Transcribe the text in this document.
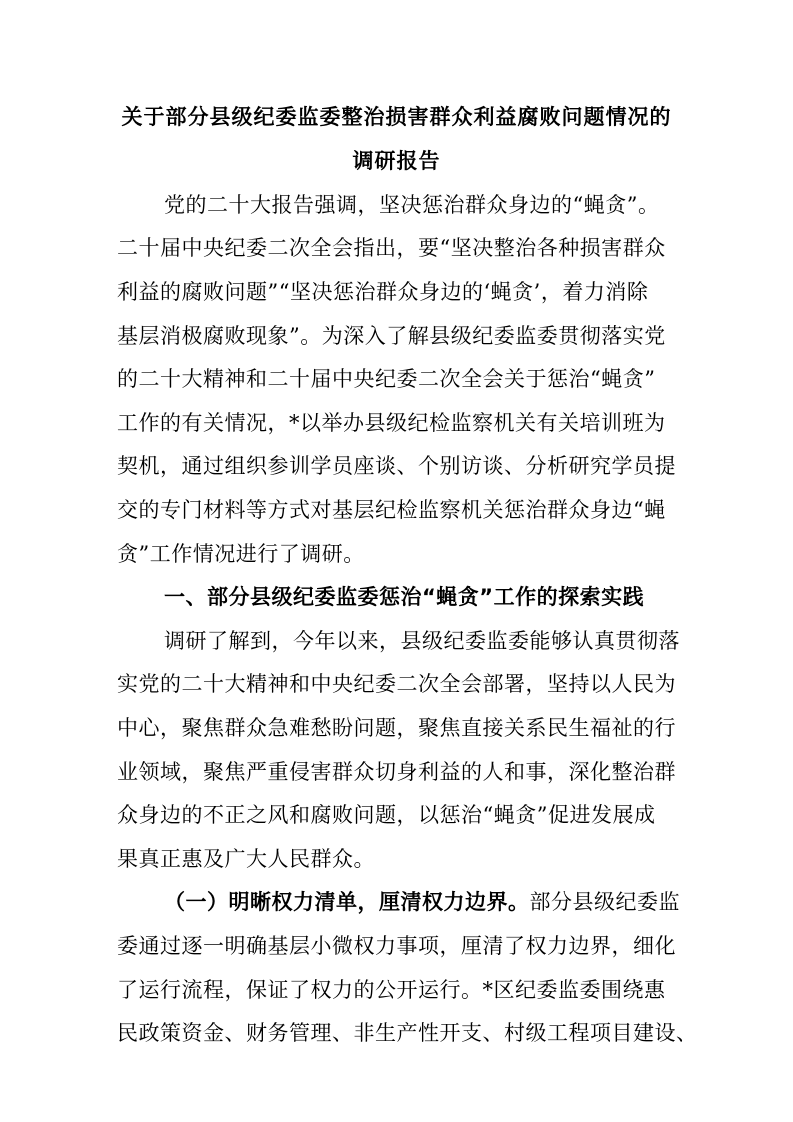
关于部分县级纪委监委整治损害群众利益腐败问题情况的
调研报告
党的二十大报告强调，坚决惩治群众身边的“蝇贪”。
二十届中央纪委二次全会指出，要“坚决整治各种损害群众
利益的腐败问题”“坚决惩治群众身边的‘蝇贪’，着力消除
基层消极腐败现象”。为深入了解县级纪委监委贯彻落实党
的二十大精神和二十届中央纪委二次全会关于惩治“蝇贪”
工作的有关情况，*以举办县级纪检监察机关有关培训班为
契机，通过组织参训学员座谈、个别访谈、分析研究学员提
交的专门材料等方式对基层纪检监察机关惩治群众身边“蝇
贪”工作情况进行了调研。
一、部分县级纪委监委惩治“蝇贪”工作的探索实践
调研了解到，今年以来，县级纪委监委能够认真贯彻落
实党的二十大精神和中央纪委二次全会部署，坚持以人民为
中心，聚焦群众急难愁盼问题，聚焦直接关系民生福祉的行
业领域，聚焦严重侵害群众切身利益的人和事，深化整治群
众身边的不正之风和腐败问题，以惩治“蝇贪”促进发展成
果真正惠及广大人民群众。
（一）明晰权力清单，厘清权力边界。部分县级纪委监
委通过逐一明确基层小微权力事项，厘清了权力边界，细化
了运行流程，保证了权力的公开运行。*区纪委监委围绕惠
民政策资金、财务管理、非生产性开支、村级工程项目建设、
